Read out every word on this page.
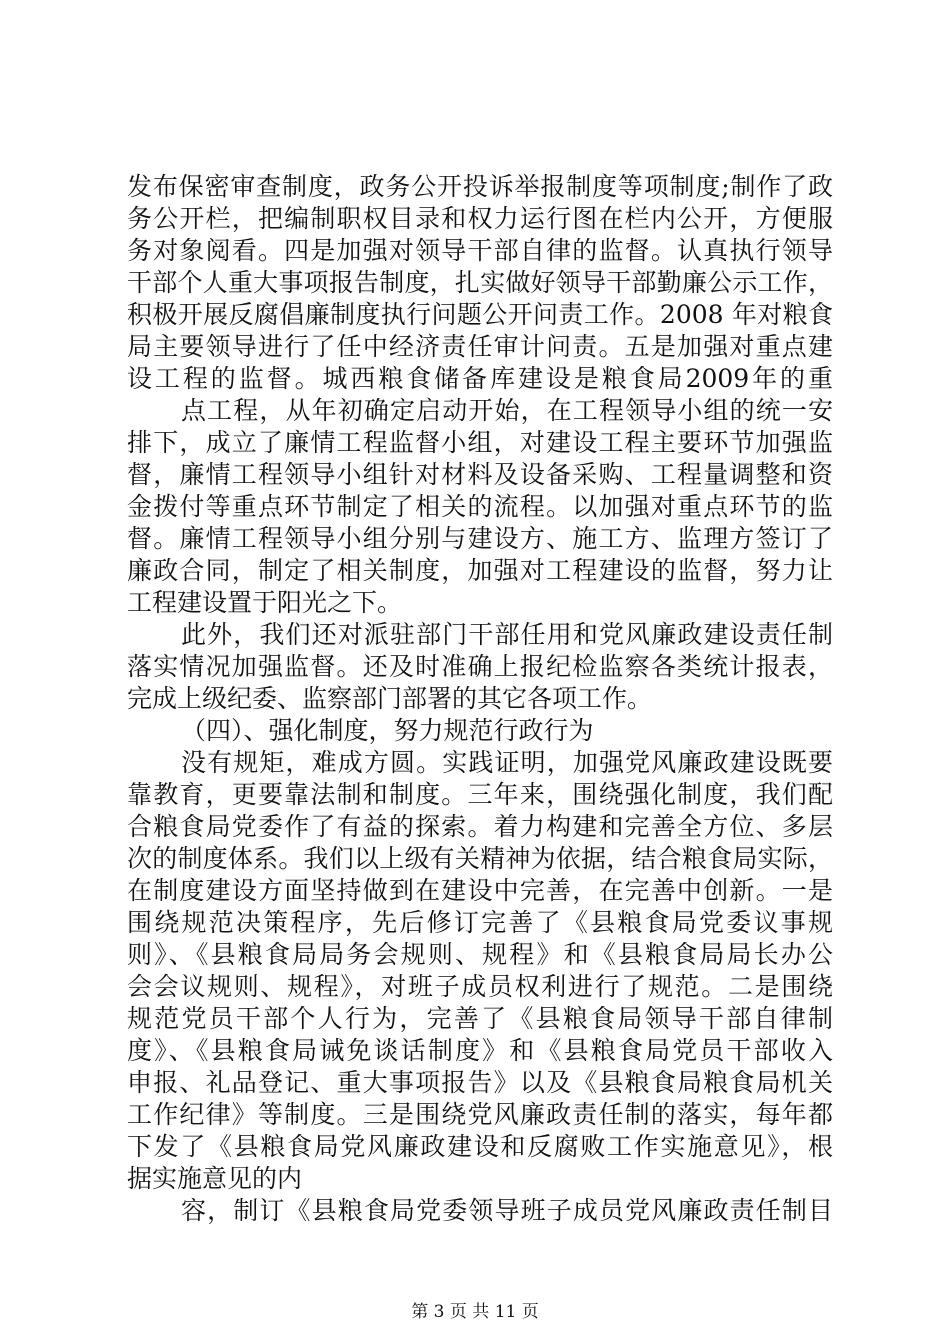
发布保密审查制度，政务公开投诉举报制度等项制度;制作了政
务公开栏，把编制职权目录和权力运行图在栏内公开，方便服
务对象阅看。四是加强对领导干部自律的监督。认真执行领导
干部个人重大事项报告制度，扎实做好领导干部勤廉公示工作，
积极开展反腐倡廉制度执行问题公开问责工作。2008 年对粮食
局主要领导进行了任中经济责任审计问责。五是加强对重点建
设工程的监督。城西粮食储备库建设是粮食局2009年的重
点工程，从年初确定启动开始，在工程领导小组的统一安
排下，成立了廉情工程监督小组，对建设工程主要环节加强监
督，廉情工程领导小组针对材料及设备采购、工程量调整和资
金拨付等重点环节制定了相关的流程。以加强对重点环节的监
督。廉情工程领导小组分别与建设方、施工方、监理方签订了
廉政合同，制定了相关制度，加强对工程建设的监督，努力让
工程建设置于阳光之下。
此外，我们还对派驻部门干部任用和党风廉政建设责任制
落实情况加强监督。还及时准确上报纪检监察各类统计报表，
完成上级纪委、监察部门部署的其它各项工作。
（四）、强化制度，努力规范行政行为
没有规矩，难成方圆。实践证明，加强党风廉政建设既要
靠教育，更要靠法制和制度。三年来，围绕强化制度，我们配
合粮食局党委作了有益的探索。着力构建和完善全方位、多层
次的制度体系。我们以上级有关精神为依据，结合粮食局实际，
在制度建设方面坚持做到在建设中完善，在完善中创新。一是
围绕规范决策程序，先后修订完善了《县粮食局党委议事规
则》、《县粮食局局务会规则、规程》和《县粮食局局长办公
会会议规则、规程》，对班子成员权利进行了规范。二是围绕
规范党员干部个人行为，完善了《县粮食局领导干部自律制
度》、《县粮食局诫免谈话制度》和《县粮食局党员干部收入
申报、礼品登记、重大事项报告》以及《县粮食局粮食局机关
工作纪律》等制度。三是围绕党风廉政责任制的落实，每年都
下发了《县粮食局党风廉政建设和反腐败工作实施意见》，根
据实施意见的内
容，制订《县粮食局党委领导班子成员党风廉政责任制目
第 3 页 共 11 页
